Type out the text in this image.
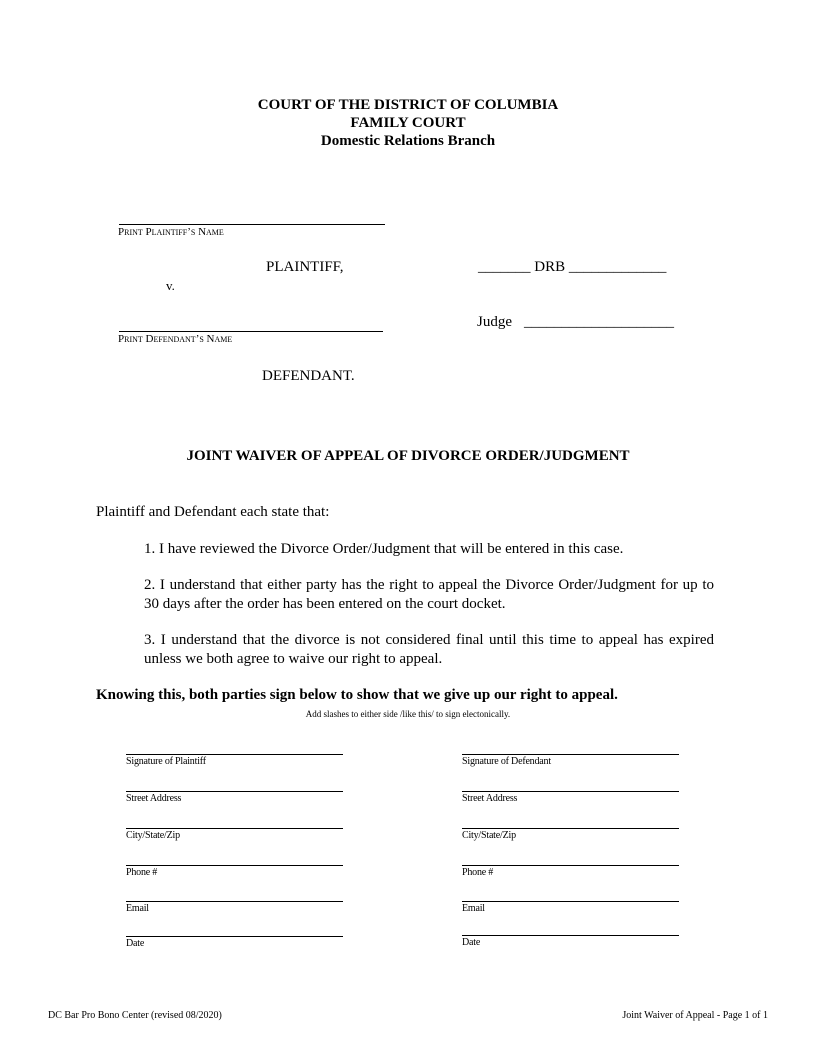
COURT OF THE DISTRICT OF COLUMBIA
FAMILY COURT
Domestic Relations Branch
Print Plaintiff’s Name
PLAINTIFF,
v.
_______ DRB _____________
Judge ____________________
Print Defendant’s Name
DEFENDANT.
JOINT WAIVER OF APPEAL OF DIVORCE ORDER/JUDGMENT
Plaintiff and Defendant each state that:
1. I have reviewed the Divorce Order/Judgment that will be entered in this case.
2. I understand that either party has the right to appeal the Divorce Order/Judgment for up to 30 days after the order has been entered on the court docket.
3. I understand that the divorce is not considered final until this time to appeal has expired unless we both agree to waive our right to appeal.
Knowing this, both parties sign below to show that we give up our right to appeal.
Add slashes to either side /like this/ to sign electonically.
Signature of Plaintiff
Street Address
City/State/Zip
Phone #
Email
Date
Signature of Defendant
Street Address
City/State/Zip
Phone #
Email
Date
DC Bar Pro Bono Center (revised 08/2020)	Joint Waiver of Appeal - Page 1 of 1
